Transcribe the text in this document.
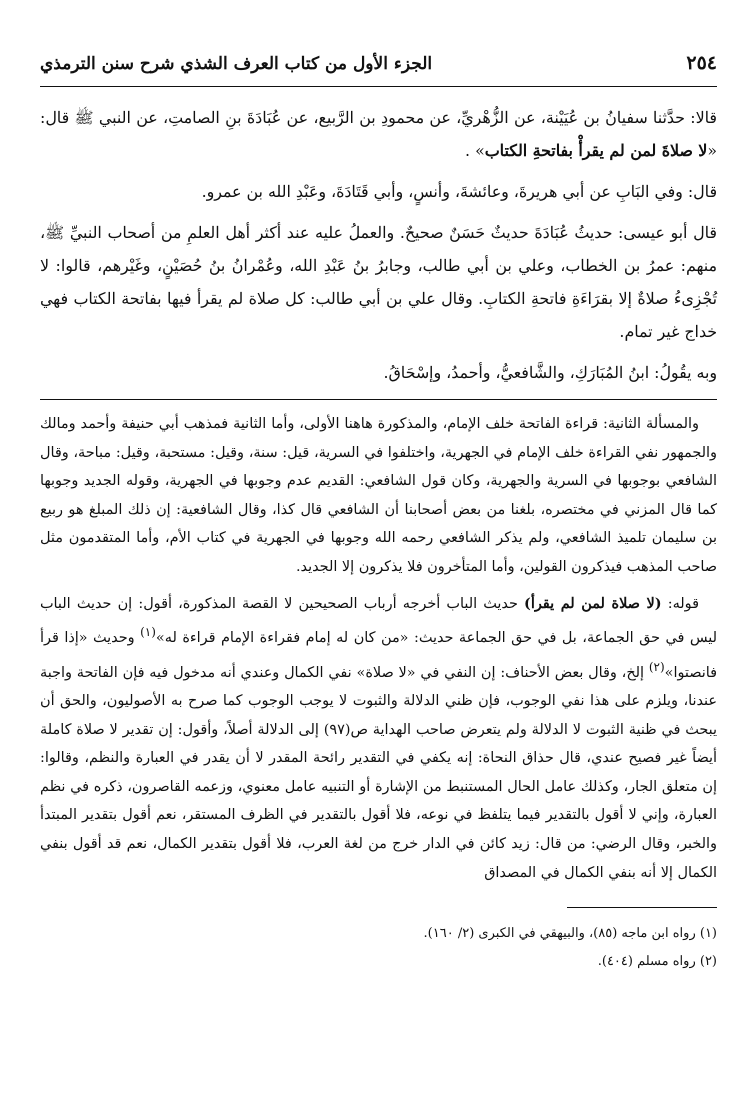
٢٥٤
الجزء الأول من كتاب العرف الشذي شرح سنن الترمذي

قالا: حدَّثنا سفيانُ بن عُيَيْنة، عن الزُّهْريِّ، عن محمودِ بن الرَّبيع، عن عُبَادَةَ بنِ الصامتِ، عن النبي ﷺ قال: «لا صلاةَ لمن لم يقرأْ بفاتحةِ الكتاب» .

قال: وفي البَابِ عن أبي هريرةَ، وعائشةَ، وأنسٍ، وأبي قَتَادَةَ، وعَبْدِ الله بن عمرو.

قال أبو عيسى: حديثُ عُبَادَةَ حديثٌ حَسَنٌ صحيحٌ. والعملُ عليه عند أكثر أهل العلمِ من أصحاب النبيِّ ﷺ، منهم: عمرُ بن الخطاب، وعلي بن أبي طالب، وجابرُ بنُ عَبْدِ الله، وعُمْرانُ بنُ حُصَيْنٍ، وغَيْرهم، قالوا: لا تُجْزِىءُ صلاةٌ إلا بقرَاءَةِ فاتحةِ الكتابِ. وقال علي بن أبي طالب: كل صلاة لم يقرأ فيها بفاتحة الكتاب فهي خداج غير تمام.

وبه يقُولُ: ابنُ المُبَارَكِ، والشَّافعيُّ، وأحمدُ، وإسْحَاقُ.

والمسألة الثانية: قراءة الفاتحة خلف الإمام، والمذكورة هاهنا الأولى، وأما الثانية فمذهب أبي حنيفة وأحمد ومالك والجمهور نفي القراءة خلف الإمام في الجهرية، واختلفوا في السرية، قيل: سنة، وقيل: مستحبة، وقيل: مباحة، وقال الشافعي بوجوبها في السرية والجهرية، وكان قول الشافعي: القديم عدم وجوبها في الجهرية، وقوله الجديد وجوبها كما قال المزني في مختصره، بلغنا من بعض أصحابنا أن الشافعي قال كذا، وقال الشافعية: إن ذلك المبلغ هو ربيع بن سليمان تلميذ الشافعي، ولم يذكر الشافعي رحمه الله وجوبها في الجهرية في كتاب الأم، وأما المتقدمون مثل صاحب المذهب فيذكرون القولين، وأما المتأخرون فلا يذكرون إلا الجديد.

قوله: (لا صلاة لمن لم يقرأ) حديث الباب أخرجه أرباب الصحيحين لا القصة المذكورة، أقول: إن حديث الباب ليس في حق الجماعة، بل في حق الجماعة حديث: «من كان له إمام فقراءة الإمام قراءة له»$^{(١)}$ وحديث «إذا قرأ فانصتوا»$^{(٢)}$ إلخ، وقال بعض الأحناف: إن النفي في «لا صلاة» نفي الكمال وعندي أنه مدخول فيه فإن الفاتحة واجبة عندنا، ويلزم على هذا نفي الوجوب، فإن ظني الدلالة والثبوت لا يوجب الوجوب كما صرح به الأصوليون، والحق أن يبحث في ظنية الثبوت لا الدلالة ولم يتعرض صاحب الهداية ص(٩٧) إلى الدلالة أصلاً، وأقول: إن تقدير لا صلاة كاملة أيضاً غير فصيح عندي، قال حذاق النحاة: إنه يكفي في التقدير رائحة المقدر لا أن يقدر في العبارة والنظم، وقالوا: إن متعلق الجار، وكذلك عامل الحال المستنبط من الإشارة أو التنبيه عامل معنوي، وزعمه القاصرون، ذكره في نظم العبارة، وإني لا أقول بالتقدير فيما يتلفظ في نوعه، فلا أقول بالتقدير في الظرف المستقر، نعم أقول بتقدير المبتدأ والخبر، وقال الرضي: من قال: زيد كائن في الدار خرج من لغة العرب، فلا أقول بتقدير الكمال، نعم قد أقول بنفي الكمال إلا أنه بنفي الكمال في المصداق

(١) رواه ابن ماجه (٨٥)، والبيهقي في الكبرى (٢/ ١٦٠).
(٢) رواه مسلم (٤٠٤).
